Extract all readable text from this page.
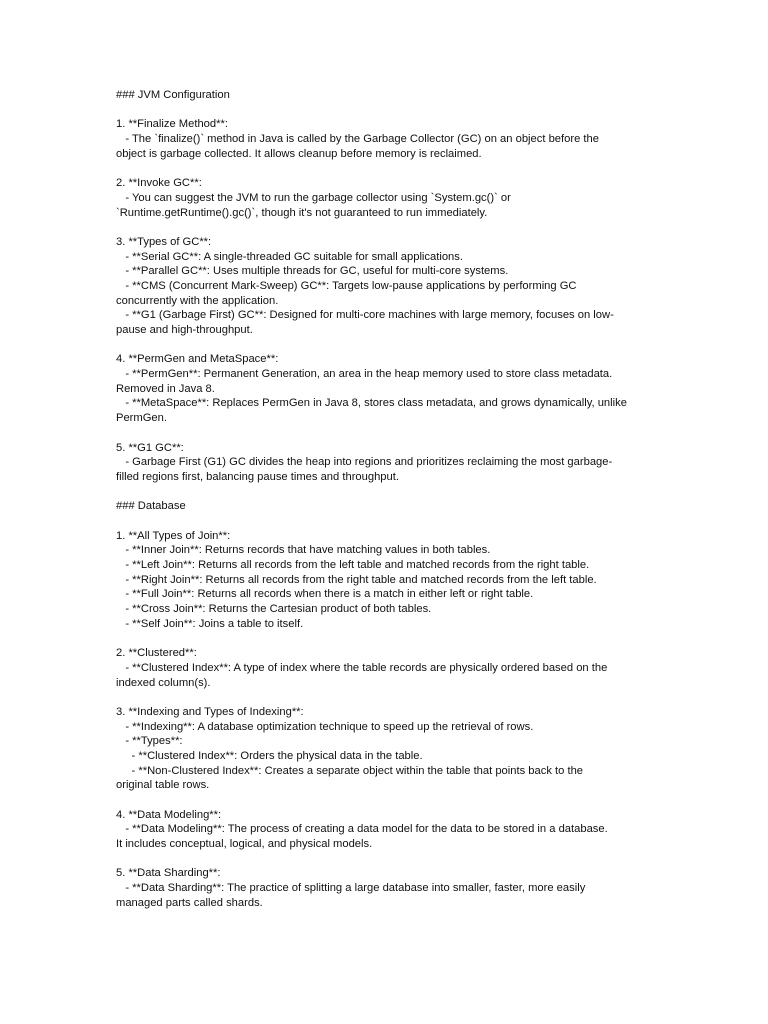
### JVM Configuration
1. **Finalize Method**:
- The `finalize()` method in Java is called by the Garbage Collector (GC) on an object before the
object is garbage collected. It allows cleanup before memory is reclaimed.
2. **Invoke GC**:
- You can suggest the JVM to run the garbage collector using `System.gc()` or
`Runtime.getRuntime().gc()`, though it's not guaranteed to run immediately.
3. **Types of GC**:
- **Serial GC**: A single-threaded GC suitable for small applications.
- **Parallel GC**: Uses multiple threads for GC, useful for multi-core systems.
- **CMS (Concurrent Mark-Sweep) GC**: Targets low-pause applications by performing GC
concurrently with the application.
- **G1 (Garbage First) GC**: Designed for multi-core machines with large memory, focuses on low-
pause and high-throughput.
4. **PermGen and MetaSpace**:
- **PermGen**: Permanent Generation, an area in the heap memory used to store class metadata.
Removed in Java 8.
- **MetaSpace**: Replaces PermGen in Java 8, stores class metadata, and grows dynamically, unlike
PermGen.
5. **G1 GC**:
- Garbage First (G1) GC divides the heap into regions and prioritizes reclaiming the most garbage-
filled regions first, balancing pause times and throughput.
### Database
1. **All Types of Join**:
- **Inner Join**: Returns records that have matching values in both tables.
- **Left Join**: Returns all records from the left table and matched records from the right table.
- **Right Join**: Returns all records from the right table and matched records from the left table.
- **Full Join**: Returns all records when there is a match in either left or right table.
- **Cross Join**: Returns the Cartesian product of both tables.
- **Self Join**: Joins a table to itself.
2. **Clustered**:
- **Clustered Index**: A type of index where the table records are physically ordered based on the
indexed column(s).
3. **Indexing and Types of Indexing**:
- **Indexing**: A database optimization technique to speed up the retrieval of rows.
- **Types**:
- **Clustered Index**: Orders the physical data in the table.
- **Non-Clustered Index**: Creates a separate object within the table that points back to the
original table rows.
4. **Data Modeling**:
- **Data Modeling**: The process of creating a data model for the data to be stored in a database.
It includes conceptual, logical, and physical models.
5. **Data Sharding**:
- **Data Sharding**: The practice of splitting a large database into smaller, faster, more easily
managed parts called shards.
